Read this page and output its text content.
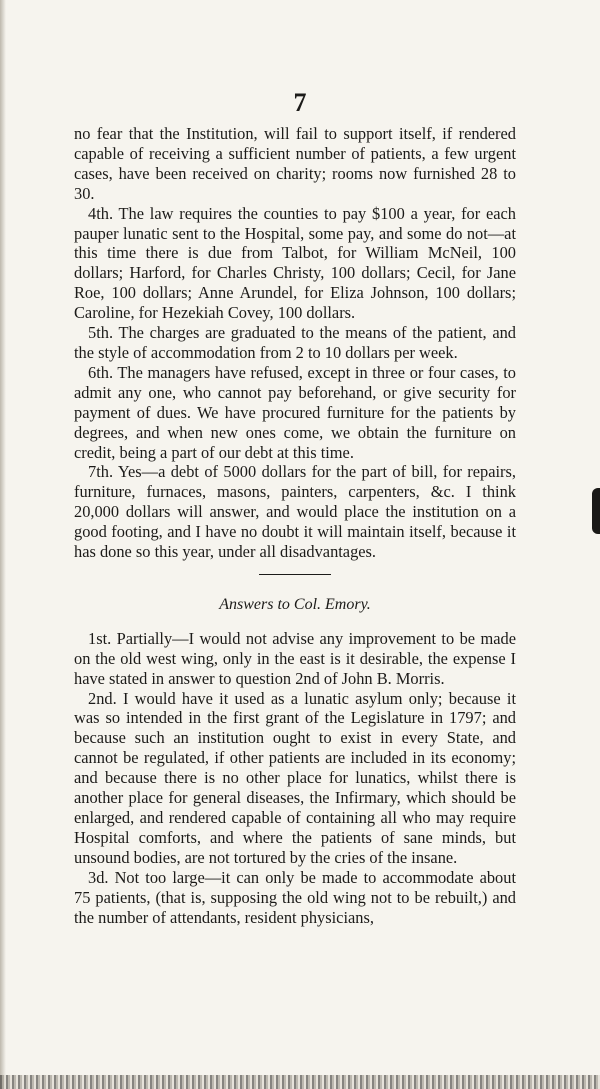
7

no fear that the Institution, will fail to support itself, if rendered capable of receiving a sufficient number of patients, a few urgent cases, have been received on charity; rooms now furnished 28 to 30.

4th. The law requires the counties to pay $100 a year, for each pauper lunatic sent to the Hospital, some pay, and some do not—at this time there is due from Talbot, for William McNeil, 100 dollars; Harford, for Charles Christy, 100 dollars; Cecil, for Jane Roe, 100 dollars; Anne Arundel, for Eliza Johnson, 100 dollars; Caroline, for Hezekiah Covey, 100 dollars.

5th. The charges are graduated to the means of the patient, and the style of accommodation from 2 to 10 dollars per week.

6th. The managers have refused, except in three or four cases, to admit any one, who cannot pay beforehand, or give security for payment of dues. We have procured furniture for the patients by degrees, and when new ones come, we obtain the furniture on credit, being a part of our debt at this time.

7th. Yes—a debt of 5000 dollars for the part of bill, for repairs, furniture, furnaces, masons, painters, carpenters, &c. I think 20,000 dollars will answer, and would place the institution on a good footing, and I have no doubt it will maintain itself, because it has done so this year, under all disadvantages.

Answers to Col. Emory.

1st. Partially—I would not advise any improvement to be made on the old west wing, only in the east is it desirable, the expense I have stated in answer to question 2nd of John B. Morris.

2nd. I would have it used as a lunatic asylum only; because it was so intended in the first grant of the Legislature in 1797; and because such an institution ought to exist in every State, and cannot be regulated, if other patients are included in its economy; and because there is no other place for lunatics, whilst there is another place for general diseases, the Infirmary, which should be enlarged, and rendered capable of containing all who may require Hospital comforts, and where the patients of sane minds, but unsound bodies, are not tortured by the cries of the insane.

3d. Not too large—it can only be made to accommodate about 75 patients, (that is, supposing the old wing not to be rebuilt,) and the number of attendants, resident physicians,
